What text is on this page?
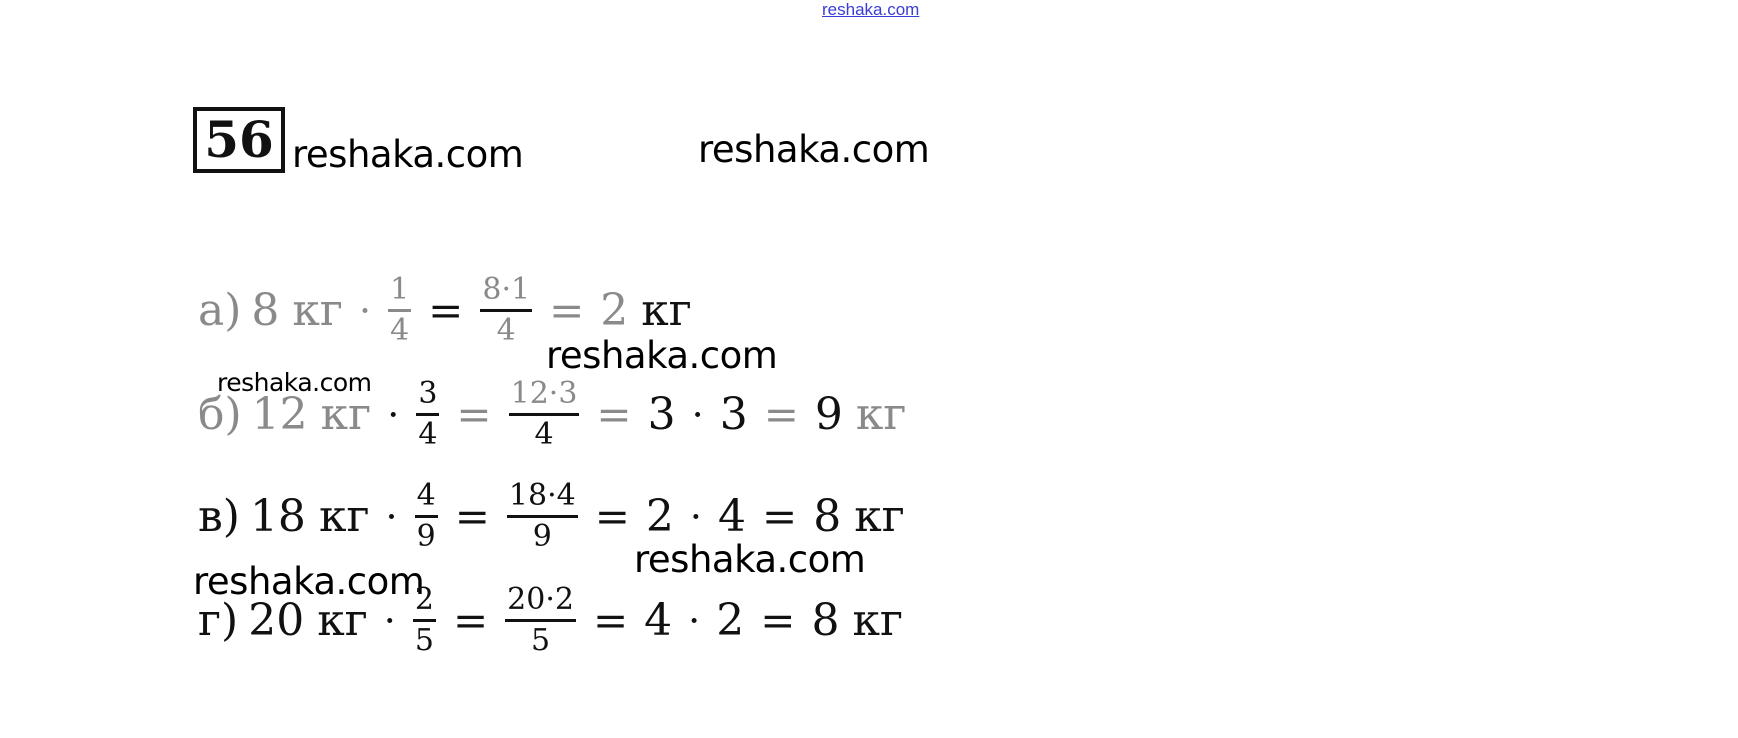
reshaka.com
56 reshaka.com	reshaka.com
а) 8 кг · $\frac{1}{4} = \frac{8\cdot 1}{4} = 2$ кг
reshaka.com
reshaka.com
б) 12 кг · $\frac{3}{4} = \frac{12\cdot 3}{4} = 3 \cdot 3 = 9$ кг
в) 18 кг · $\frac{4}{9} = \frac{18\cdot 4}{9} = 2 \cdot 4 = 8$ кг
reshaka.com
reshaka.com
г) 20 кг · $\frac{2}{5} = \frac{20\cdot 2}{5} = 4 \cdot 2 = 8$ кг
